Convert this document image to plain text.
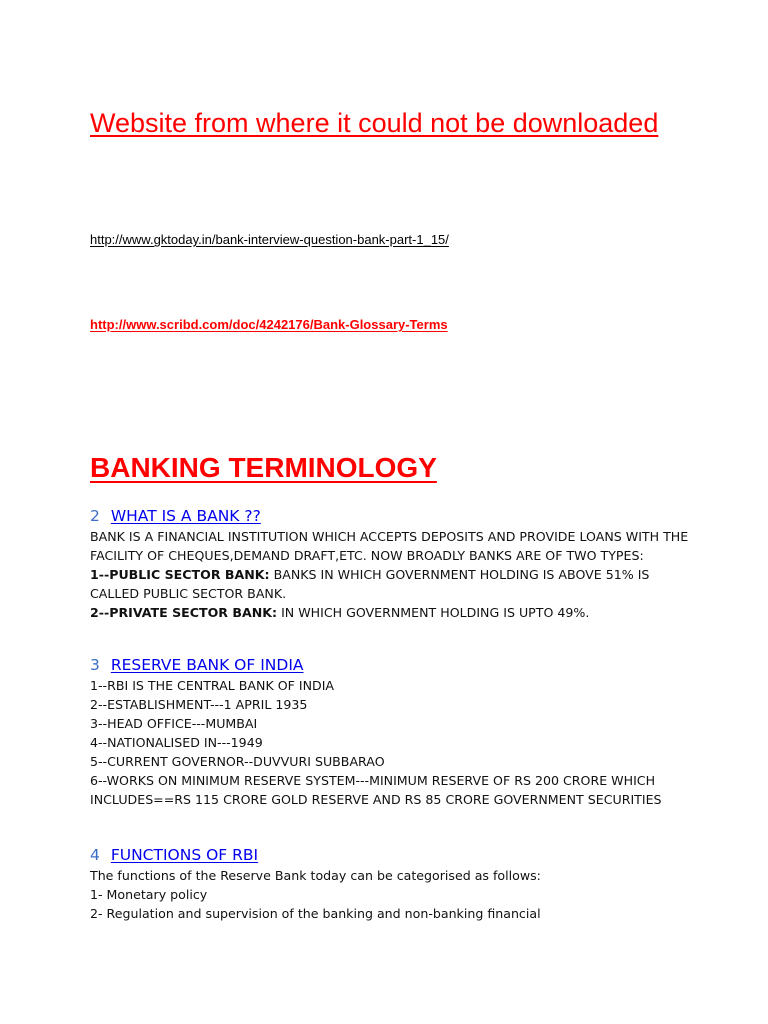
Website from where it could not be downloaded
http://www.gktoday.in/bank-interview-question-bank-part-1_15/
http://www.scribd.com/doc/4242176/Bank-Glossary-Terms
BANKING TERMINOLOGY
2 WHAT IS A BANK ??

BANK IS A FINANCIAL INSTITUTION WHICH ACCEPTS DEPOSITS AND PROVIDE LOANS WITH THE FACILITY OF CHEQUES,DEMAND DRAFT,ETC. NOW BROADLY BANKS ARE OF TWO TYPES:

1--PUBLIC SECTOR BANK: BANKS IN WHICH GOVERNMENT HOLDING IS ABOVE 51% IS CALLED PUBLIC SECTOR BANK.

2--PRIVATE SECTOR BANK: IN WHICH GOVERNMENT HOLDING IS UPTO 49%.

3 RESERVE BANK OF INDIA
1--RBI IS THE CENTRAL BANK OF INDIA
2--ESTABLISHMENT---1 APRIL 1935
3--HEAD OFFICE---MUMBAI
4--NATIONALISED IN---1949
5--CURRENT GOVERNOR--DUVVURI SUBBARAO

6--WORKS ON MINIMUM RESERVE SYSTEM---MINIMUM RESERVE OF RS 200 CRORE WHICH INCLUDES==RS 115 CRORE GOLD RESERVE AND RS 85 CRORE GOVERNMENT SECURITIES

4 FUNCTIONS OF RBI
The functions of the Reserve Bank today can be categorised as follows:
1- Monetary policy
2- Regulation and supervision of the banking and non-banking financial
